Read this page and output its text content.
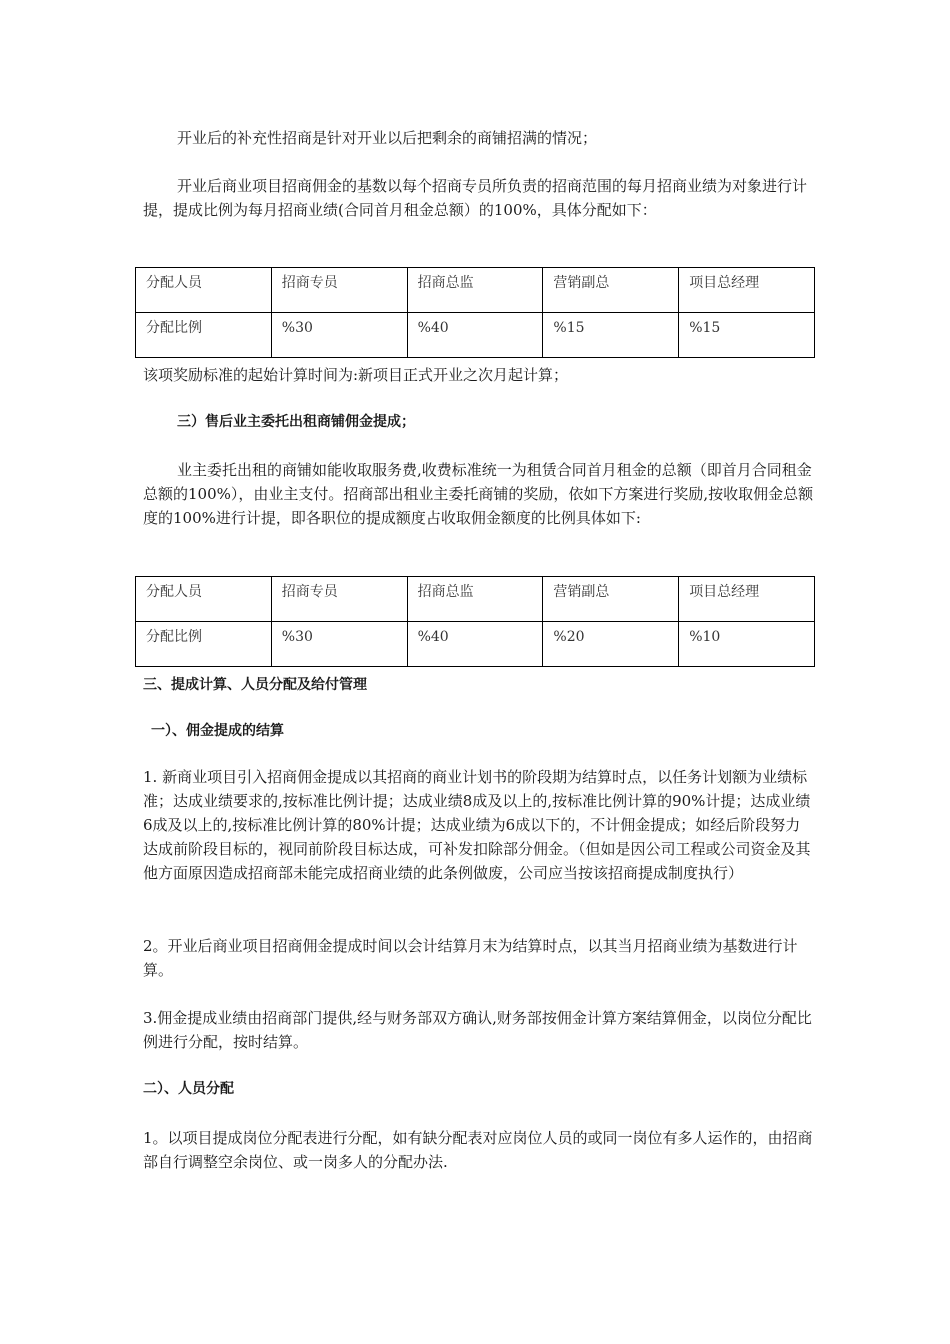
开业后的补充性招商是针对开业以后把剩余的商铺招满的情况；

开业后商业项目招商佣金的基数以每个招商专员所负责的招商范围的每月招商业绩为对象进行计提，提成比例为每月招商业绩(合同首月租金总额）的100%，具体分配如下：

分配人员	招商专员	招商总监	营销副总	项目总经理
分配比例	%30	%40	%15	%15

该项奖励标准的起始计算时间为:新项目正式开业之次月起计算；

三）售后业主委托出租商铺佣金提成；

业主委托出租的商铺如能收取服务费,收费标准统一为租赁合同首月租金的总额（即首月合同租金总额的100%），由业主支付。招商部出租业主委托商铺的奖励，依如下方案进行奖励,按收取佣金总额度的100%进行计提，即各职位的提成额度占收取佣金额度的比例具体如下:

分配人员	招商专员	招商总监	营销副总	项目总经理
分配比例	%30	%40	%20	%10

三、提成计算、人员分配及给付管理

一）、佣金提成的结算

1. 新商业项目引入招商佣金提成以其招商的商业计划书的阶段期为结算时点，以任务计划额为业绩标准；达成业绩要求的,按标准比例计提；达成业绩8成及以上的,按标准比例计算的90%计提；达成业绩6成及以上的,按标准比例计算的80%计提；达成业绩为6成以下的，不计佣金提成；如经后阶段努力达成前阶段目标的，视同前阶段目标达成，可补发扣除部分佣金。（但如是因公司工程或公司资金及其他方面原因造成招商部未能完成招商业绩的此条例做废，公司应当按该招商提成制度执行）

2。开业后商业项目招商佣金提成时间以会计结算月末为结算时点，以其当月招商业绩为基数进行计算。

3.佣金提成业绩由招商部门提供,经与财务部双方确认,财务部按佣金计算方案结算佣金，以岗位分配比例进行分配，按时结算。

二）、人员分配

1。以项目提成岗位分配表进行分配，如有缺分配表对应岗位人员的或同一岗位有多人运作的，由招商部自行调整空余岗位、或一岗多人的分配办法.
